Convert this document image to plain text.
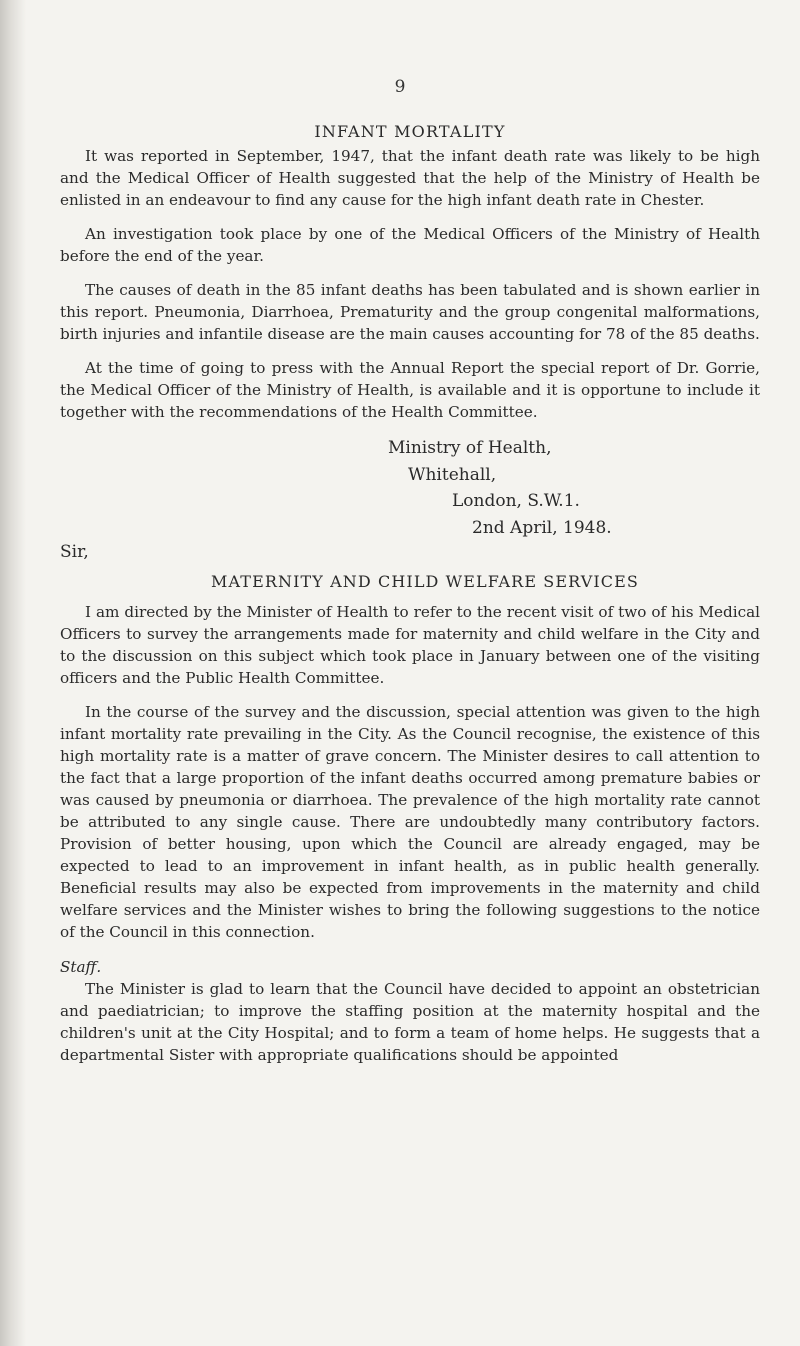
9
INFANT MORTALITY

It was reported in September, 1947, that the infant death rate was likely to be high and the Medical Officer of Health suggested that the help of the Ministry of Health be enlisted in an endeavour to find any cause for the high infant death rate in Chester.

An investigation took place by one of the Medical Officers of the Ministry of Health before the end of the year.

The causes of death in the 85 infant deaths has been tabulated and is shown earlier in this report. Pneumonia, Diarrhoea, Prematurity and the group congenital malformations, birth injuries and infantile disease are the main causes accounting for 78 of the 85 deaths.

At the time of going to press with the Annual Report the special report of Dr. Gorrie, the Medical Officer of the Ministry of Health, is available and it is opportune to include it together with the recommendations of the Health Committee.

Ministry of Health,
Whitehall,
London, S.W.1.
2nd April, 1948.
Sir,
MATERNITY AND CHILD WELFARE SERVICES

I am directed by the Minister of Health to refer to the recent visit of two of his Medical Officers to survey the arrangements made for maternity and child welfare in the City and to the discussion on this subject which took place in January between one of the visiting officers and the Public Health Committee.

In the course of the survey and the discussion, special attention was given to the high infant mortality rate prevailing in the City. As the Council recognise, the existence of this high mortality rate is a matter of grave concern. The Minister desires to call attention to the fact that a large proportion of the infant deaths occurred among premature babies or was caused by pneumonia or diarrhoea. The prevalence of the high mortality rate cannot be attributed to any single cause. There are undoubtedly many contributory factors. Provision of better housing, upon which the Council are already engaged, may be expected to lead to an improvement in infant health, as in public health generally. Beneficial results may also be expected from improvements in the maternity and child welfare services and the Minister wishes to bring the following suggestions to the notice of the Council in this connection.

Staff.

The Minister is glad to learn that the Council have decided to appoint an obstetrician and paediatrician; to improve the staffing position at the maternity hospital and the children's unit at the City Hospital; and to form a team of home helps. He suggests that a departmental Sister with appropriate qualifications should be appointed
